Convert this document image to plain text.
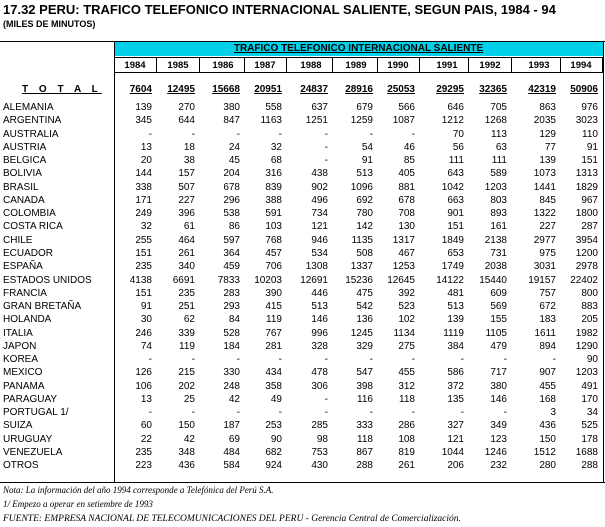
17.32 PERU: TRAFICO TELEFONICO INTERNACIONAL SALIENTE, SEGUN PAIS, 1984 - 94
(MILES DE MINUTOS)
TRAFICO TELEFONICO INTERNACIONAL SALIENTE
1984	1985	1986	1987	1988	1989	1990	1991	1992	1993	1994
T O T A L	7604	12495	15668	20951	24837	28916	25053	29295	32365	42319	50906
ALEMANIA	139	270	380	558	637	679	566	646	705	863	976
ARGENTINA	345	644	847	1163	1251	1259	1087	1212	1268	2035	3023
AUSTRALIA	-	-	-	-	-	-	-	70	113	129	110
AUSTRIA	13	18	24	32	-	54	46	56	63	77	91
BELGICA	20	38	45	68	-	91	85	111	111	139	151
BOLIVIA	144	157	204	316	438	513	405	643	589	1073	1313
BRASIL	338	507	678	839	902	1096	881	1042	1203	1441	1829
CANADA	171	227	296	388	496	692	678	663	803	845	967
COLOMBIA	249	396	538	591	734	780	708	901	893	1322	1800
COSTA RICA	32	61	86	103	121	142	130	151	161	227	287
CHILE	255	464	597	768	946	1135	1317	1849	2138	2977	3954
ECUADOR	151	261	364	457	534	508	467	653	731	975	1200
ESPAÑA	235	340	459	706	1308	1337	1253	1749	2038	3031	2978
ESTADOS UNIDOS	4138	6691	7833	10203	12691	15236	12645	14122	15440	19157	22402
FRANCIA	151	235	283	390	446	475	392	481	609	757	800
GRAN BRETAÑA	91	251	293	415	513	542	523	513	569	672	883
HOLANDA	30	62	84	119	146	136	102	139	155	183	205
ITALIA	246	339	528	767	996	1245	1134	1119	1105	1611	1982
JAPON	74	119	184	281	328	329	275	384	479	894	1290
KOREA	-	-	-	-	-	-	-	-	-	-	90
MEXICO	126	215	330	434	478	547	455	586	717	907	1203
PANAMA	106	202	248	358	306	398	312	372	380	455	491
PARAGUAY	13	25	42	49	-	116	118	135	146	168	170
PORTUGAL 1/	-	-	-	-	-	-	-	-	-	3	34
SUIZA	60	150	187	253	285	333	286	327	349	436	525
URUGUAY	22	42	69	90	98	118	108	121	123	150	178
VENEZUELA	235	348	484	682	753	867	819	1044	1246	1512	1688
OTROS	223	436	584	924	430	288	261	206	232	280	288
Nota: La información del año 1994 corresponde a Telefónica del Perú S.A.
1/ Empezo a operar en setiembre de 1993
FUENTE: EMPRESA NACIONAL DE TELECOMUNICACIONES DEL PERU - Gerencia Central de Comercialización.
